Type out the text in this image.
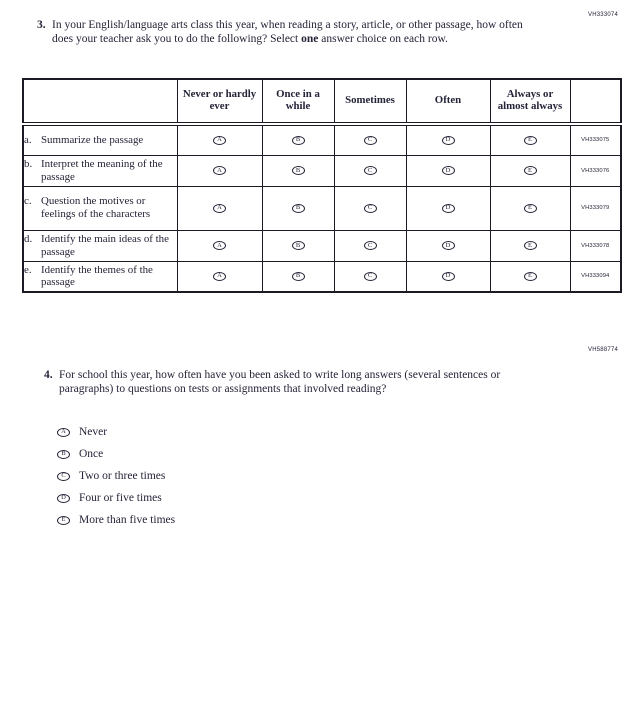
VH333074
3. In your English/language arts class this year, when reading a story, article, or other passage, how often does your teacher ask you to do the following? Select one answer choice on each row.
	Never or hardly ever	Once in a while	Sometimes	Often	Always or almost always	

a. Summarize the passage	A	B	C	D	E	VH333075

b. Interpret the meaning of the passage	A	B	C	D	E	VH333076

c. Question the motives or feelings of the characters	A	B	C	D	E	VH333079

d. Identify the main ideas of the passage	A	B	C	D	E	VH333078

e. Identify the themes of the passage	A	B	C	D	E	VH333094
VH588774
4. For school this year, how often have you been asked to write long answers (several sentences or paragraphs) to questions on tests or assignments that involved reading?
A Never
B Once
C Two or three times
D Four or five times
E More than five times
